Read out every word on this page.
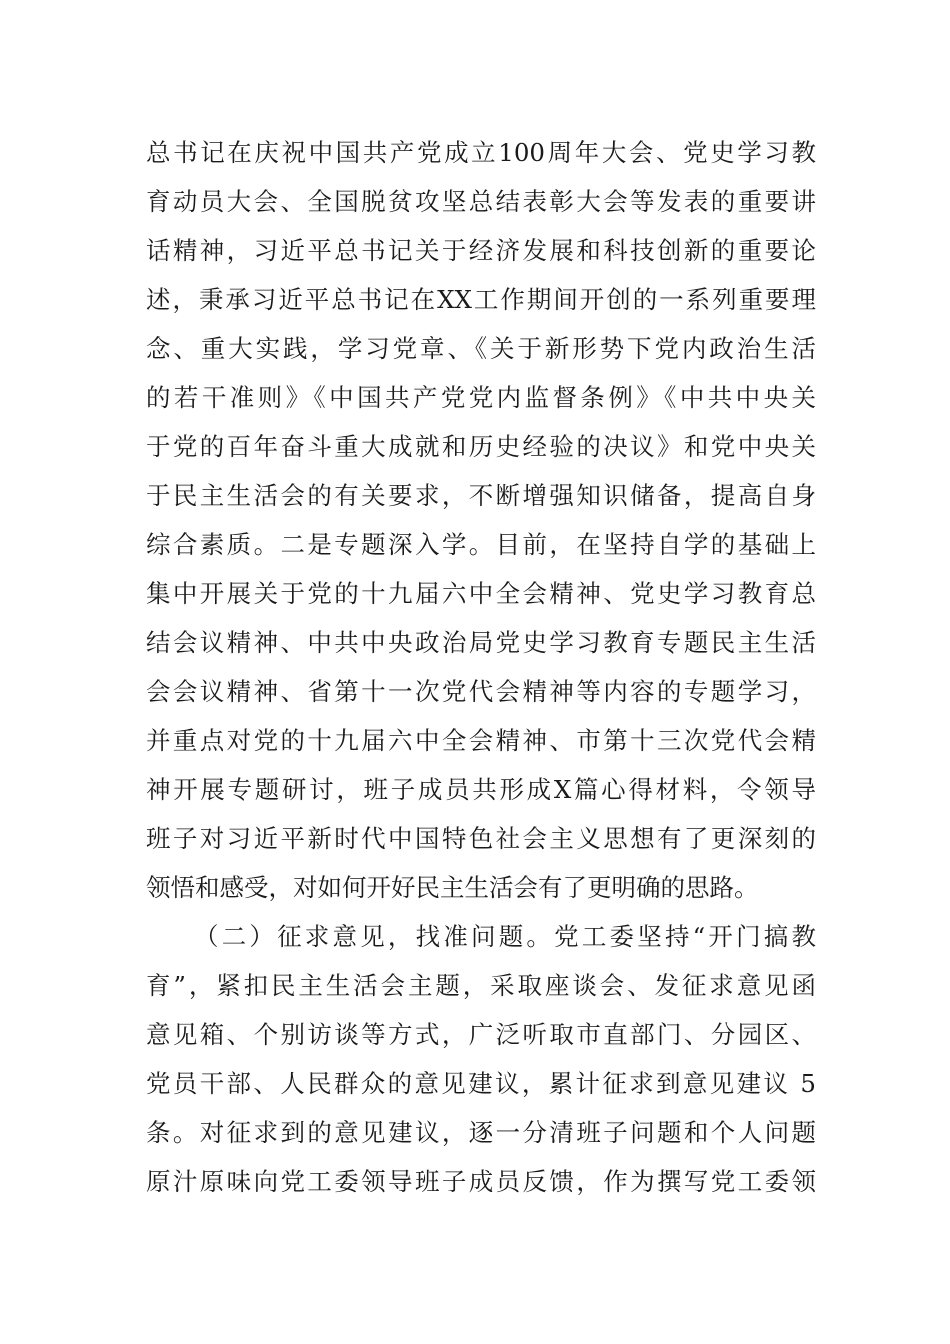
总书记在庆祝中国共产党成立100周年大会、党史学习教
育动员大会、全国脱贫攻坚总结表彰大会等发表的重要讲
话精神，习近平总书记关于经济发展和科技创新的重要论
述，秉承习近平总书记在XX工作期间开创的一系列重要理
念、重大实践，学习党章、《关于新形势下党内政治生活
的若干准则》《中国共产党党内监督条例》《中共中央关
于党的百年奋斗重大成就和历史经验的决议》和党中央关
于民主生活会的有关要求，不断增强知识储备，提高自身
综合素质。二是专题深入学。目前，在坚持自学的基础上
集中开展关于党的十九届六中全会精神、党史学习教育总
结会议精神、中共中央政治局党史学习教育专题民主生活
会会议精神、省第十一次党代会精神等内容的专题学习，
并重点对党的十九届六中全会精神、市第十三次党代会精
神开展专题研讨，班子成员共形成X篇心得材料，令领导
班子对习近平新时代中国特色社会主义思想有了更深刻的
领悟和感受，对如何开好民主生活会有了更明确的思路。
（二）征求意见，找准问题。党工委坚持“开门搞教
育”，紧扣民主生活会主题，采取座谈会、发征求意见函
意见箱、个别访谈等方式，广泛听取市直部门、分园区、
党员干部、人民群众的意见建议，累计征求到意见建议 5
条。对征求到的意见建议，逐一分清班子问题和个人问题
原汁原味向党工委领导班子成员反馈，作为撰写党工委领
